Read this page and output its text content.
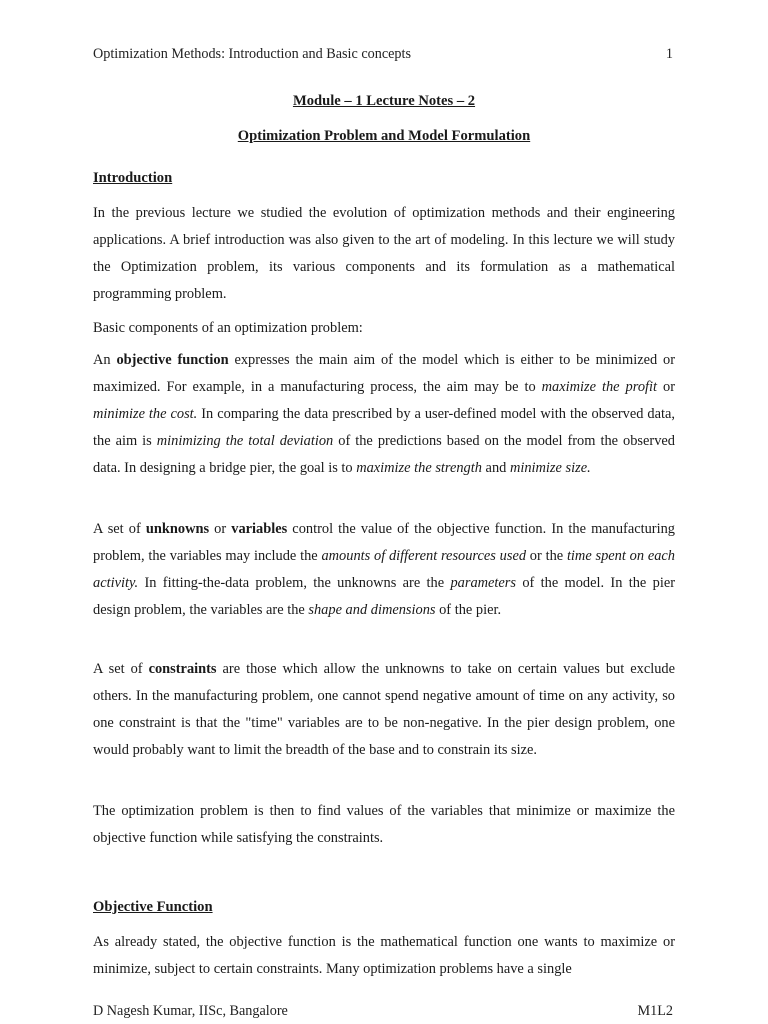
Optimization Methods: Introduction and Basic concepts	1
Module – 1 Lecture Notes – 2
Optimization Problem and Model Formulation
Introduction

In the previous lecture we studied the evolution of optimization methods and their engineering applications. A brief introduction was also given to the art of modeling. In this lecture we will study the Optimization problem, its various components and its formulation as a mathematical programming problem.

Basic components of an optimization problem:

An objective function expresses the main aim of the model which is either to be minimized or maximized. For example, in a manufacturing process, the aim may be to maximize the profit or minimize the cost. In comparing the data prescribed by a user-defined model with the observed data, the aim is minimizing the total deviation of the predictions based on the model from the observed data. In designing a bridge pier, the goal is to maximize the strength and minimize size.

A set of unknowns or variables control the value of the objective function. In the manufacturing problem, the variables may include the amounts of different resources used or the time spent on each activity. In fitting-the-data problem, the unknowns are the parameters of the model. In the pier design problem, the variables are the shape and dimensions of the pier.

A set of constraints are those which allow the unknowns to take on certain values but exclude others. In the manufacturing problem, one cannot spend negative amount of time on any activity, so one constraint is that the "time" variables are to be non-negative. In the pier design problem, one would probably want to limit the breadth of the base and to constrain its size.

The optimization problem is then to find values of the variables that minimize or maximize the objective function while satisfying the constraints.

Objective Function

As already stated, the objective function is the mathematical function one wants to maximize or minimize, subject to certain constraints. Many optimization problems have a single

D Nagesh Kumar, IISc, Bangalore	M1L2
